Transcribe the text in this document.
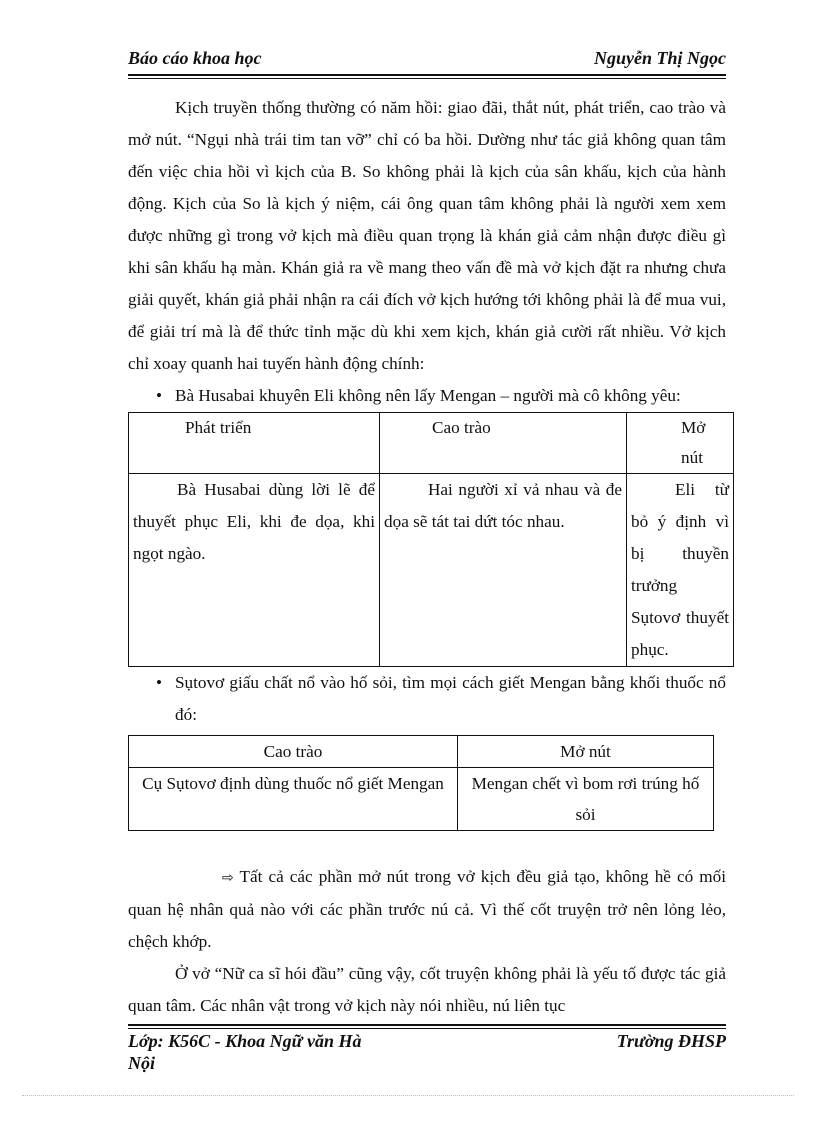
Báo cáo khoa học	Nguyễn Thị Ngọc

Kịch truyền thống thường có năm hồi: giao đãi, thắt nút, phát triển, cao trào và mở nút. “Ngụi nhà trái tim tan vỡ” chỉ có ba hồi. Dường như tác giả không quan tâm đến việc chia hồi vì kịch của B. So không phải là kịch của sân khấu, kịch của hành động. Kịch của So là kịch ý niệm, cái ông quan tâm không phải là người xem xem được những gì trong vở kịch mà điều quan trọng là khán giả cảm nhận được điều gì khi sân khấu hạ màn. Khán giả ra về mang theo vấn đề mà vở kịch đặt ra nhưng chưa giải quyết, khán giả phải nhận ra cái đích vở kịch hướng tới không phải là để mua vui, để giải trí mà là để thức tỉnh mặc dù khi xem kịch, khán giả cười rất nhiều. Vở kịch chỉ xoay quanh hai tuyến hành động chính:

• Bà Husabai khuyên Eli không nên lấy Mengan – người mà cô không yêu:

Phát triển	Cao trào	Mở nút
Bà Husabai dùng lời lẽ để thuyết phục Eli, khi đe dọa, khi ngọt ngào.	Hai người xỉ vả nhau và đe dọa sẽ tát tai dứt tóc nhau.	Eli từ bỏ ý định vì bị thuyền trưởng Sụtovơ thuyết phục.

• Sụtovơ giấu chất nổ vào hố sỏi, tìm mọi cách giết Mengan bằng khối thuốc nổ đó:

Cao trào	Mở nút
Cụ Sụtovơ định dùng thuốc nổ giết Mengan	Mengan chết vì bom rơi trúng hố sỏi

⇨ Tất cả các phần mở nút trong vở kịch đều giả tạo, không hề có mối quan hệ nhân quả nào với các phần trước nú cả. Vì thế cốt truyện trở nên lỏng lẻo, chệch khớp.

Ở vở “Nữ ca sĩ hói đầu” cũng vậy, cốt truyện không phải là yếu tố được tác giả quan tâm. Các nhân vật trong vở kịch này nói nhiều, nú liên tục

Lớp: K56C - Khoa Ngữ văn Hà Nội
Trường ĐHSP
